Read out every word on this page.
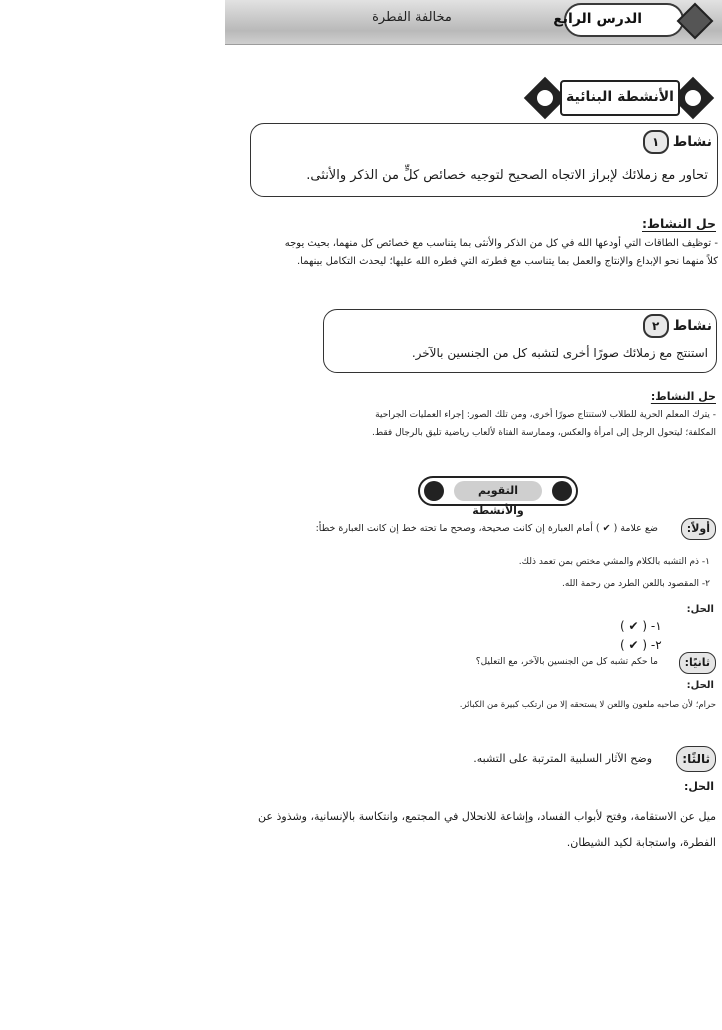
مخالفة الفطرة	الدرس الرابع
الأنشطة البنائية
نشاط
١
تحاور مع زملائك لإبراز الاتجاه الصحيح لتوجيه خصائص كلٍّ من الذكر والأنثى.
حل النشاط:
- توظيف الطاقات التي أودعها الله في كل من الذكر والأنثى بما يتناسب مع خصائص كل منهما، بحيث يوجه
كلاً منهما نحو الإبداع والإنتاج والعمل بما يتناسب مع فطرته التي فطره الله عليها؛ ليحدث التكامل بينهما.
نشاط
٢
استنتج مع زملائك صورًا أخرى لتشبه كل من الجنسين بالآخر.
حل النشاط:
- يترك المعلم الحرية للطلاب لاستنتاج صورًا أخرى، ومن تلك الصور: إجراء العمليات الجراحية
المكلفة؛ ليتحول الرجل إلى امرأة والعكس، وممارسة الفتاة لألعاب رياضية تليق بالرجال فقط.
التقويم والأنشطة
أولاً:
ضع علامة ( ✔ ) أمام العبارة إن كانت صحيحة، وصحح ما تحته خط إن كانت العبارة خطأ:
١- ذم التشبه بالكلام والمشي مختص بمن تعمد ذلك.
٢- المقصود باللعن الطرد من رحمة الله.
الحل:
( ✔ ) -١
( ✔ ) -٢
ثانيًا:
ما حكم تشبه كل من الجنسين بالآخر، مع التعليل؟
الحل:
حرام؛ لأن صاحبه ملعون واللعن لا يستحقه إلا من ارتكب كبيرة من الكبائر.
ثالثًا:
وضح الآثار السلبية المترتبة على التشبه.
الحل:
ميل عن الاستقامة، وفتح لأبواب الفساد، وإشاعة للانحلال في المجتمع، وانتكاسة بالإنسانية، وشذوذ عن
الفطرة، واستجابة لكيد الشيطان.
